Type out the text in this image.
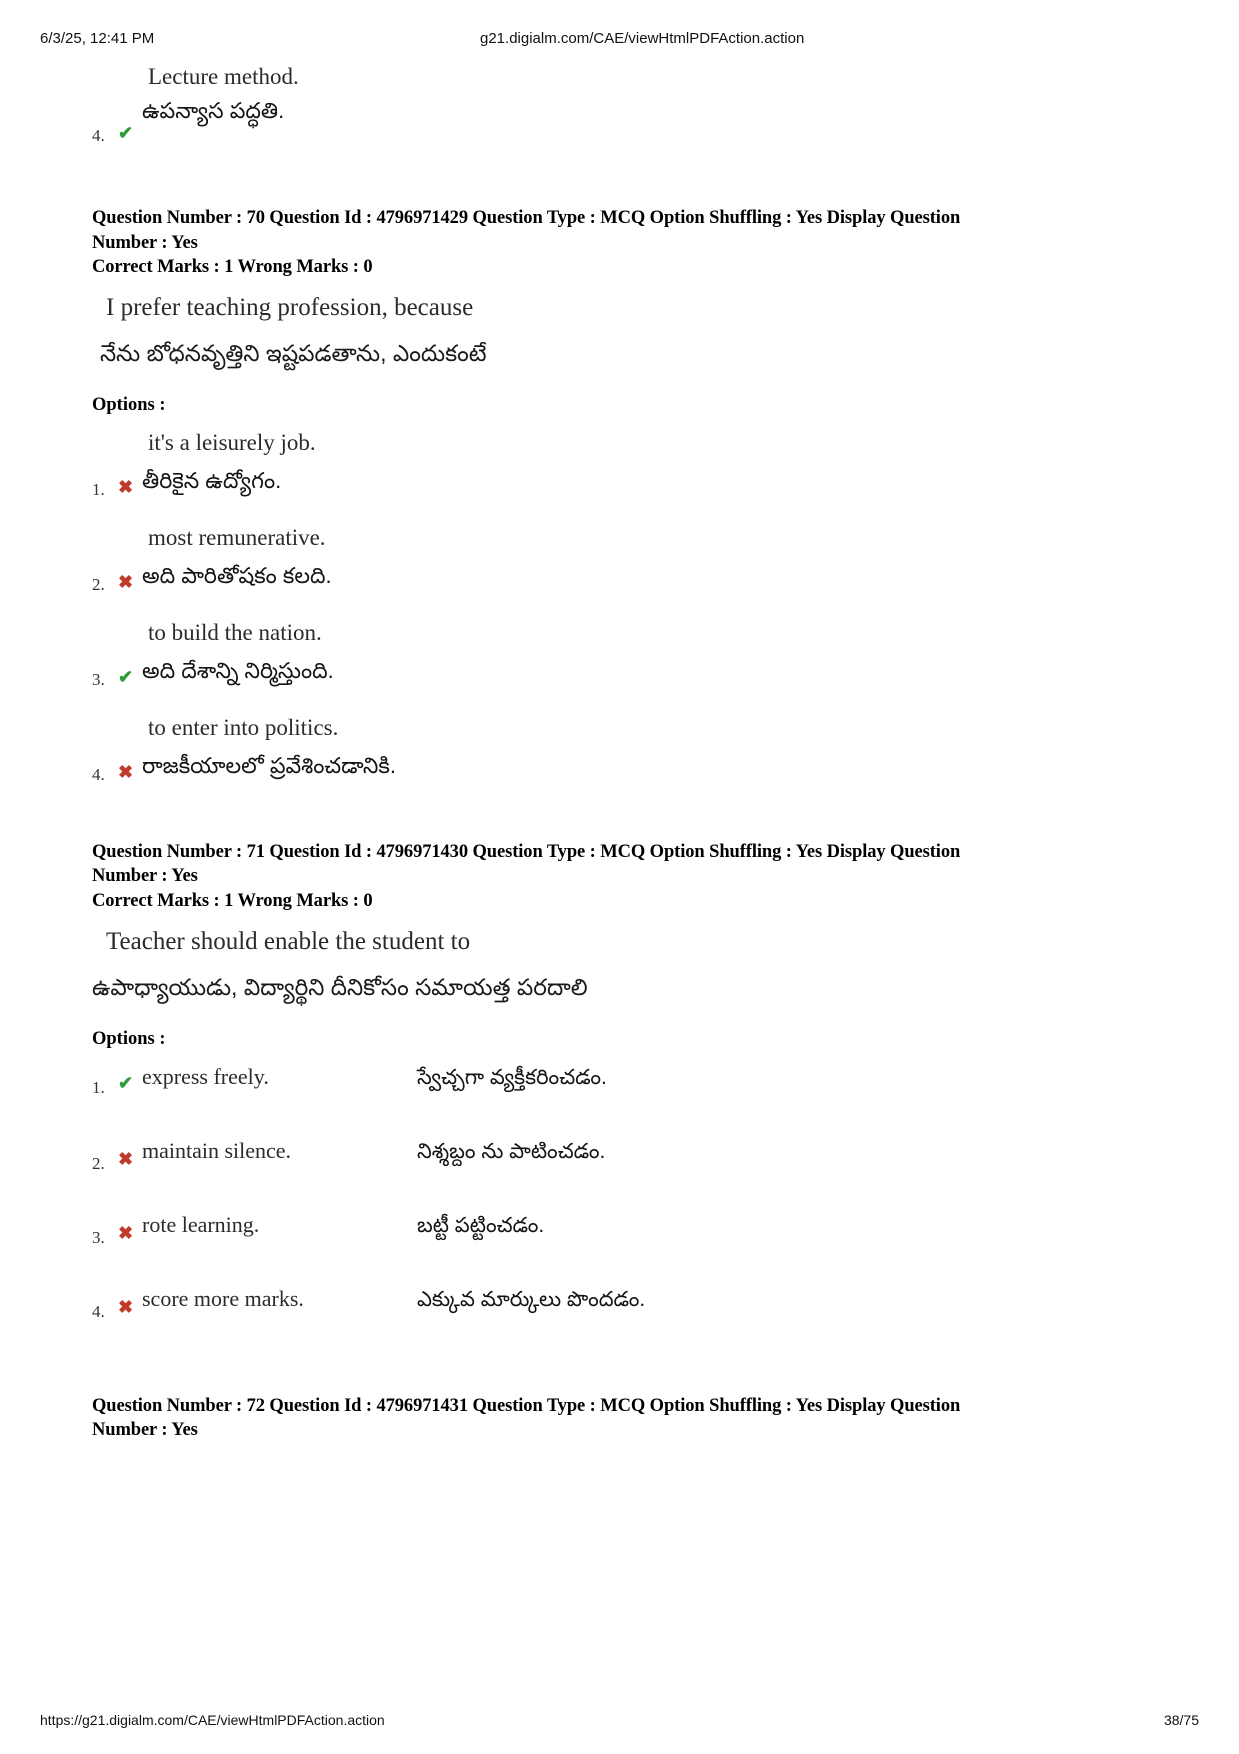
6/3/25, 12:41 PM	g21.digialm.com/CAE/viewHtmlPDFAction.action
Lecture method.
4. ✔
ఉపన్యాస పద్ధతి.

Question Number : 70 Question Id : 4796971429 Question Type : MCQ Option Shuffling : Yes Display Question

Number : Yes

Correct Marks : 1 Wrong Marks : 0

I prefer teaching profession, because
నేను బోధనవృత్తిని ఇష్టపడతాను, ఎందుకంటే
Options :
1. ✖
it's a leisurely job.
తీరికైన ఉద్యోగం.
2. ✖
most remunerative.
అది పారితోషకం కలది.
3. ✔
to build the nation.
అది దేశాన్ని నిర్మిస్తుంది.
4. ✖
to enter into politics.
రాజకీయాలలో ప్రవేశించడానికి.

Question Number : 71 Question Id : 4796971430 Question Type : MCQ Option Shuffling : Yes Display Question

Number : Yes

Correct Marks : 1 Wrong Marks : 0

Teacher should enable the student to
ఉపాధ్యాయుడు, విద్యార్థిని దీనికోసం సమాయత్త పరదాలి
Options :
1. ✔ express freely.	స్వేచ్చగా వ్యక్తీకరించడం.
2. ✖ maintain silence.	నిశ్శబ్దం ను పాటించడం.
3. ✖ rote learning.	బట్టీ పట్టించడం.
4. ✖ score more marks.	ఎక్కువ మార్కులు పొందడం.

Question Number : 72 Question Id : 4796971431 Question Type : MCQ Option Shuffling : Yes Display Question

Number : Yes

https://g21.digialm.com/CAE/viewHtmlPDFAction.action	38/75
